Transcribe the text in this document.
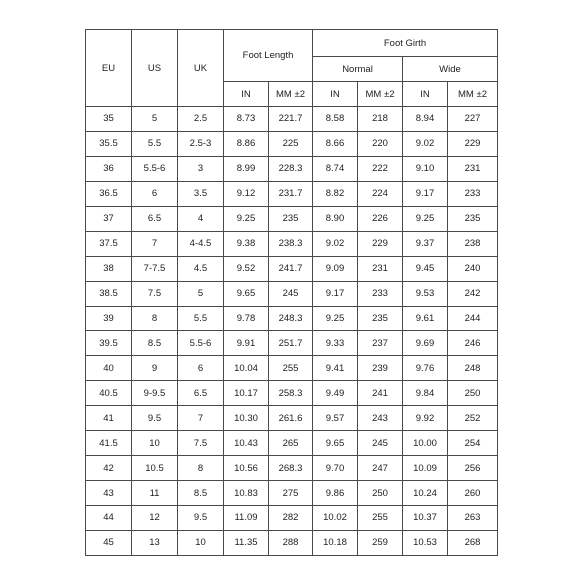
EU	US	UK	Foot Length		Foot Girth			
					Normal		Wide	
			IN	MM ±2	IN	MM ±2	IN	MM ±2
35	5	2.5	8.73	221.7	8.58	218	8.94	227
35.5	5.5	2.5-3	8.86	225	8.66	220	9.02	229
36	5.5-6	3	8.99	228.3	8.74	222	9.10	231
36.5	6	3.5	9.12	231.7	8.82	224	9.17	233
37	6.5	4	9.25	235	8.90	226	9.25	235
37.5	7	4-4.5	9.38	238.3	9.02	229	9.37	238
38	7-7.5	4.5	9.52	241.7	9.09	231	9.45	240
38.5	7.5	5	9.65	245	9.17	233	9.53	242
39	8	5.5	9.78	248.3	9.25	235	9.61	244
39.5	8.5	5.5-6	9.91	251.7	9.33	237	9.69	246
40	9	6	10.04	255	9.41	239	9.76	248
40.5	9-9.5	6.5	10.17	258.3	9.49	241	9.84	250
41	9.5	7	10.30	261.6	9.57	243	9.92	252
41.5	10	7.5	10.43	265	9.65	245	10.00	254
42	10.5	8	10.56	268.3	9.70	247	10.09	256
43	11	8.5	10.83	275	9.86	250	10.24	260
44	12	9.5	11.09	282	10.02	255	10.37	263
45	13	10	11.35	288	10.18	259	10.53	268
